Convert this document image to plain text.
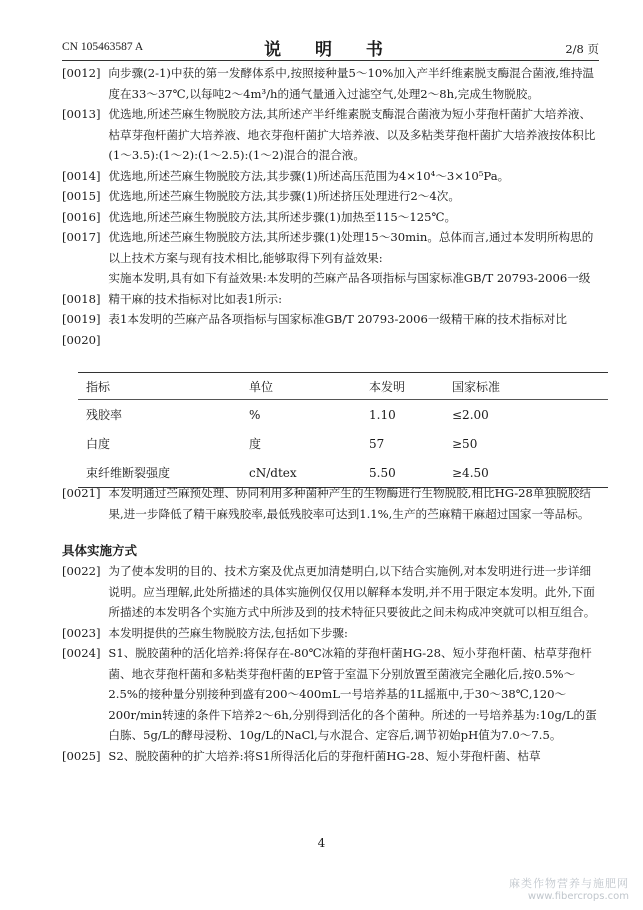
CN 105463587 A	说 明 书	2/8 页

[0012] 向步骤(2-1)中获的第一发酵体系中,按照接种量5～10%加入产半纤维素脱支酶混合菌液,维持温度在33～37℃,以每吨2～4m³/h的通气量通入过滤空气,处理2～8h,完成生物脱胶。

[0013] 优选地,所述苎麻生物脱胶方法,其所述产半纤维素脱支酶混合菌液为短小芽孢杆菌扩大培养液、枯草芽孢杆菌扩大培养液、地衣芽孢杆菌扩大培养液、以及多粘类芽孢杆菌扩大培养液按体积比(1～3.5):(1～2):(1～2.5):(1～2)混合的混合液。

[0014] 优选地,所述苎麻生物脱胶方法,其步骤(1)所述高压范围为4×10⁴～3×10⁵Pa。

[0015] 优选地,所述苎麻生物脱胶方法,其步骤(1)所述挤压处理进行2～4次。

[0016] 优选地,所述苎麻生物脱胶方法,其所述步骤(1)加热至115～125℃。

[0017] 优选地,所述苎麻生物脱胶方法,其所述步骤(1)处理15～30min。总体而言,通过本发明所构思的以上技术方案与现有技术相比,能够取得下列有益效果:

实施本发明,具有如下有益效果:本发明的苎麻产品各项指标与国家标准GB/T 20793-2006一级精干麻的技术指标对比如表1所示:

[0018]

[0019] 表1本发明的苎麻产品各项指标与国家标准GB/T 20793-2006一级精干麻的技术指标对比

[0020]

指标	单位	本发明	国家标准
残胶率	%	1.10	≤2.00
白度	度	57	≥50
束纤维断裂强度	cN/dtex	5.50	≥4.50

[0021] 本发明通过苎麻预处理、协同利用多种菌种产生的生物酶进行生物脱胶,相比HG-28单独脱胶结果,进一步降低了精干麻残胶率,最低残胶率可达到1.1%,生产的苎麻精干麻超过国家一等品标。

具体实施方式

[0022] 为了使本发明的目的、技术方案及优点更加清楚明白,以下结合实施例,对本发明进行进一步详细说明。应当理解,此处所描述的具体实施例仅仅用以解释本发明,并不用于限定本发明。此外,下面所描述的本发明各个实施方式中所涉及到的技术特征只要彼此之间未构成冲突就可以相互组合。

[0023] 本发明提供的苎麻生物脱胶方法,包括如下步骤:

[0024] S1、脱胶菌种的活化培养:将保存在-80℃冰箱的芽孢杆菌HG-28、短小芽孢杆菌、枯草芽孢杆菌、地衣芽孢杆菌和多粘类芽孢杆菌的EP管于室温下分别放置至菌液完全融化后,按0.5%～2.5%的接种量分别接种到盛有200～400mL一号培养基的1L摇瓶中,于30～38℃,120～200r/min转速的条件下培养2～6h,分别得到活化的各个菌种。所述的一号培养基为:10g/L的蛋白胨、5g/L的酵母浸粉、10g/L的NaCl,与水混合、定容后,调节初始pH值为7.0～7.5。

[0025] S2、脱胶菌种的扩大培养:将S1所得活化后的芽孢杆菌HG-28、短小芽孢杆菌、枯草

4
麻类作物营养与施肥网
www.fibercrops.com
